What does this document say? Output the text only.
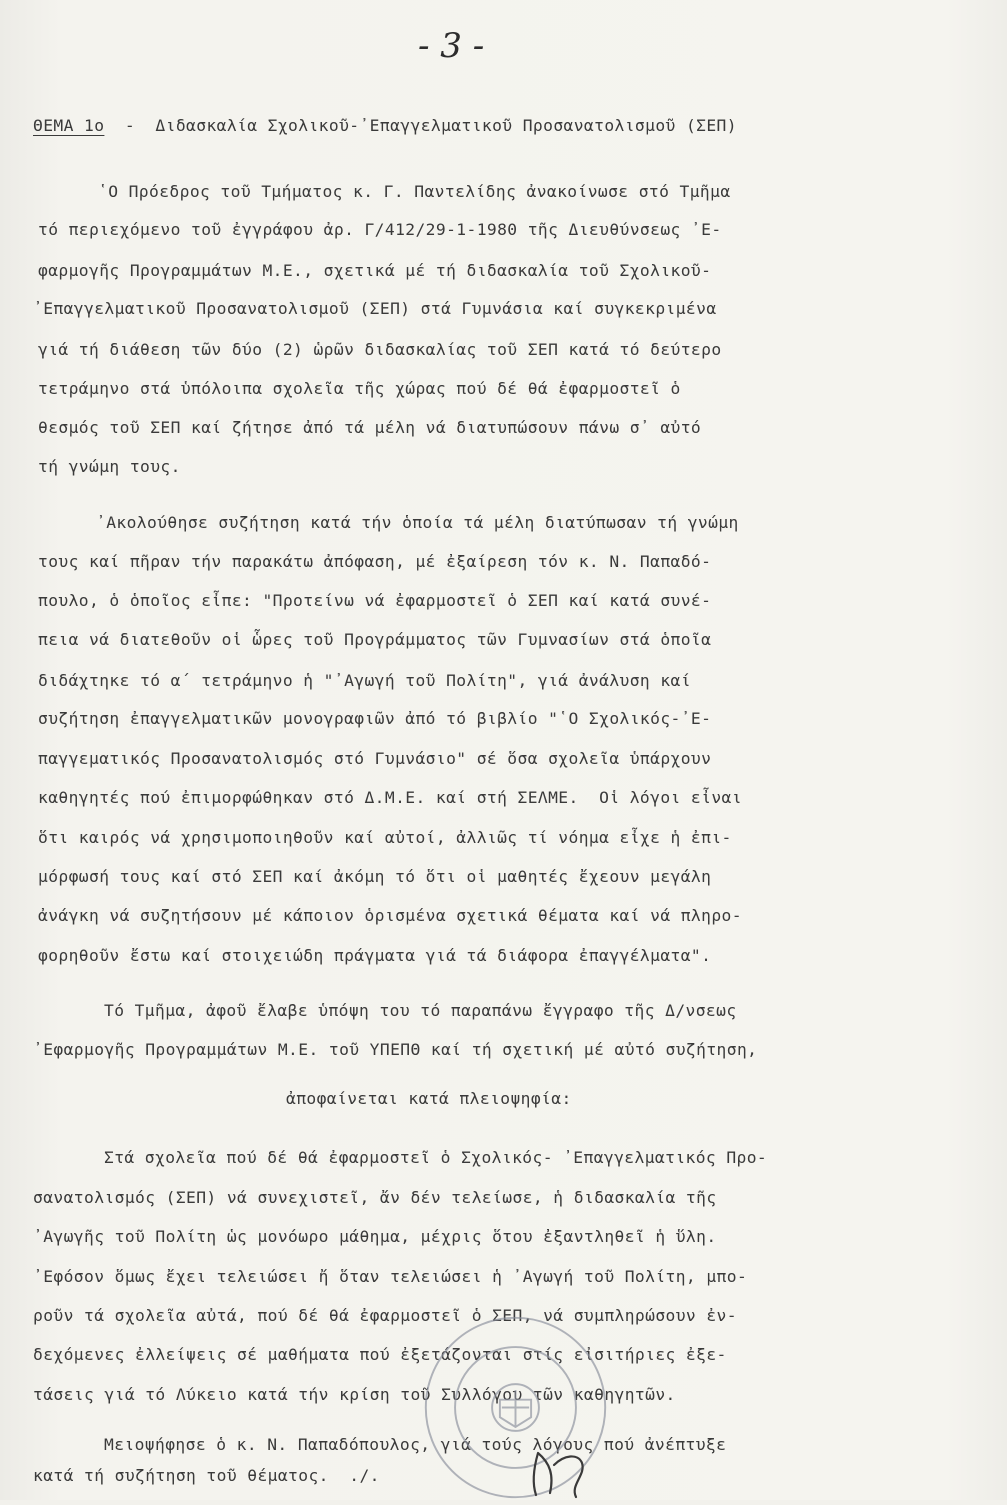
- 3 -
ΘΕΜΑ 1ο  -  Διδασκαλία Σχολικοῦ-᾽Επαγγελματικοῦ Προσανατολισμοῦ (ΣΕΠ)
῾Ο Πρόεδρος τοῦ Τμήματος κ. Γ. Παντελίδης ἀνακοίνωσε στό Τμῆμα
τό περιεχόμενο τοῦ ἐγγράφου ἀρ. Γ/412/29-1-1980 τῆς Διευθύνσεως ᾽Ε-
φαρμογῆς Προγραμμάτων Μ.Ε., σχετικά μέ τή διδασκαλία τοῦ Σχολικοῦ-
᾽Επαγγελματικοῦ Προσανατολισμοῦ (ΣΕΠ) στά Γυμνάσια καί συγκεκριμένα
γιά τή διάθεση τῶν δύο (2) ὡρῶν διδασκαλίας τοῦ ΣΕΠ κατά τό δεύτερο
τετράμηνο στά ὑπόλοιπα σχολεῖα τῆς χώρας πού δέ θά ἐφαρμοστεῖ ὁ
θεσμός τοῦ ΣΕΠ καί ζήτησε ἀπό τά μέλη νά διατυπώσουν πάνω σ᾽ αὐτό
τή γνώμη τους.
᾽Ακολούθησε συζήτηση κατά τήν ὁποία τά μέλη διατύπωσαν τή γνώμη
τους καί πῆραν τήν παρακάτω ἀπόφαση, μέ ἐξαίρεση τόν κ. Ν. Παπαδό-
πουλο, ὁ ὁποῖος εἶπε: "Προτείνω νά ἐφαρμοστεῖ ὁ ΣΕΠ καί κατά συνέ-
πεια νά διατεθοῦν οἱ ὧρες τοῦ Προγράμματος τῶν Γυμνασίων στά ὁποῖα
διδάχτηκε τό α΄ τετράμηνο ἡ "᾽Αγωγή τοῦ Πολίτη", γιά ἀνάλυση καί
συζήτηση ἐπαγγελματικῶν μονογραφιῶν ἀπό τό βιβλίο "῾Ο Σχολικός-᾽Ε-
παγγεματικός Προσανατολισμός στό Γυμνάσιο" σέ ὅσα σχολεῖα ὑπάρχουν
καθηγητές πού ἐπιμορφώθηκαν στό Δ.Μ.Ε. καί στή ΣΕΛΜΕ.  Οἱ λόγοι εἶναι
ὅτι καιρός νά χρησιμοποιηθοῦν καί αὐτοί, ἀλλιῶς τί νόημα εἶχε ἡ ἐπι-
μόρφωσή τους καί στό ΣΕΠ καί ἀκόμη τό ὅτι οἱ μαθητές ἔχεουν μεγάλη
ἀνάγκη νά συζητήσουν μέ κάποιον ὁρισμένα σχετικά θέματα καί νά πληρο-
φορηθοῦν ἔστω καί στοιχειώδη πράγματα γιά τά διάφορα ἐπαγγέλματα".
Τό Τμῆμα, ἀφοῦ ἔλαβε ὑπόψη του τό παραπάνω ἔγγραφο τῆς Δ/νσεως
᾽Εφαρμογῆς Προγραμμάτων Μ.Ε. τοῦ ΥΠΕΠΘ καί τή σχετική μέ αὐτό συζήτηση,
ἀποφαίνεται κατά πλειοψηφία:
Στά σχολεῖα πού δέ θά ἐφαρμοστεῖ ὁ Σχολικός- ᾽Επαγγελματικός Προ-
σανατολισμός (ΣΕΠ) νά συνεχιστεῖ, ἄν δέν τελείωσε, ἡ διδασκαλία τῆς
᾽Αγωγῆς τοῦ Πολίτη ὡς μονόωρο μάθημα, μέχρις ὅτου ἐξαντληθεῖ ἡ ὕλη.
᾽Εφόσον ὅμως ἔχει τελειώσει ἤ ὅταν τελειώσει ἡ ᾽Αγωγή τοῦ Πολίτη, μπο-
ροῦν τά σχολεῖα αὐτά, πού δέ θά ἐφαρμοστεῖ ὁ ΣΕΠ, νά συμπληρώσουν ἐν-
δεχόμενες ἐλλείψεις σέ μαθήματα πού ἐξετάζονται στίς εἰσιτήριες ἐξε-
τάσεις γιά τό Λύκειο κατά τήν κρίση τοῦ Συλλόγου τῶν καθηγητῶν.
Μειοψήφησε ὁ κ. Ν. Παπαδόπουλος, γιά τούς λόγους πού ἀνέπτυξε
κατά τή συζήτηση τοῦ θέματος.  ./.
